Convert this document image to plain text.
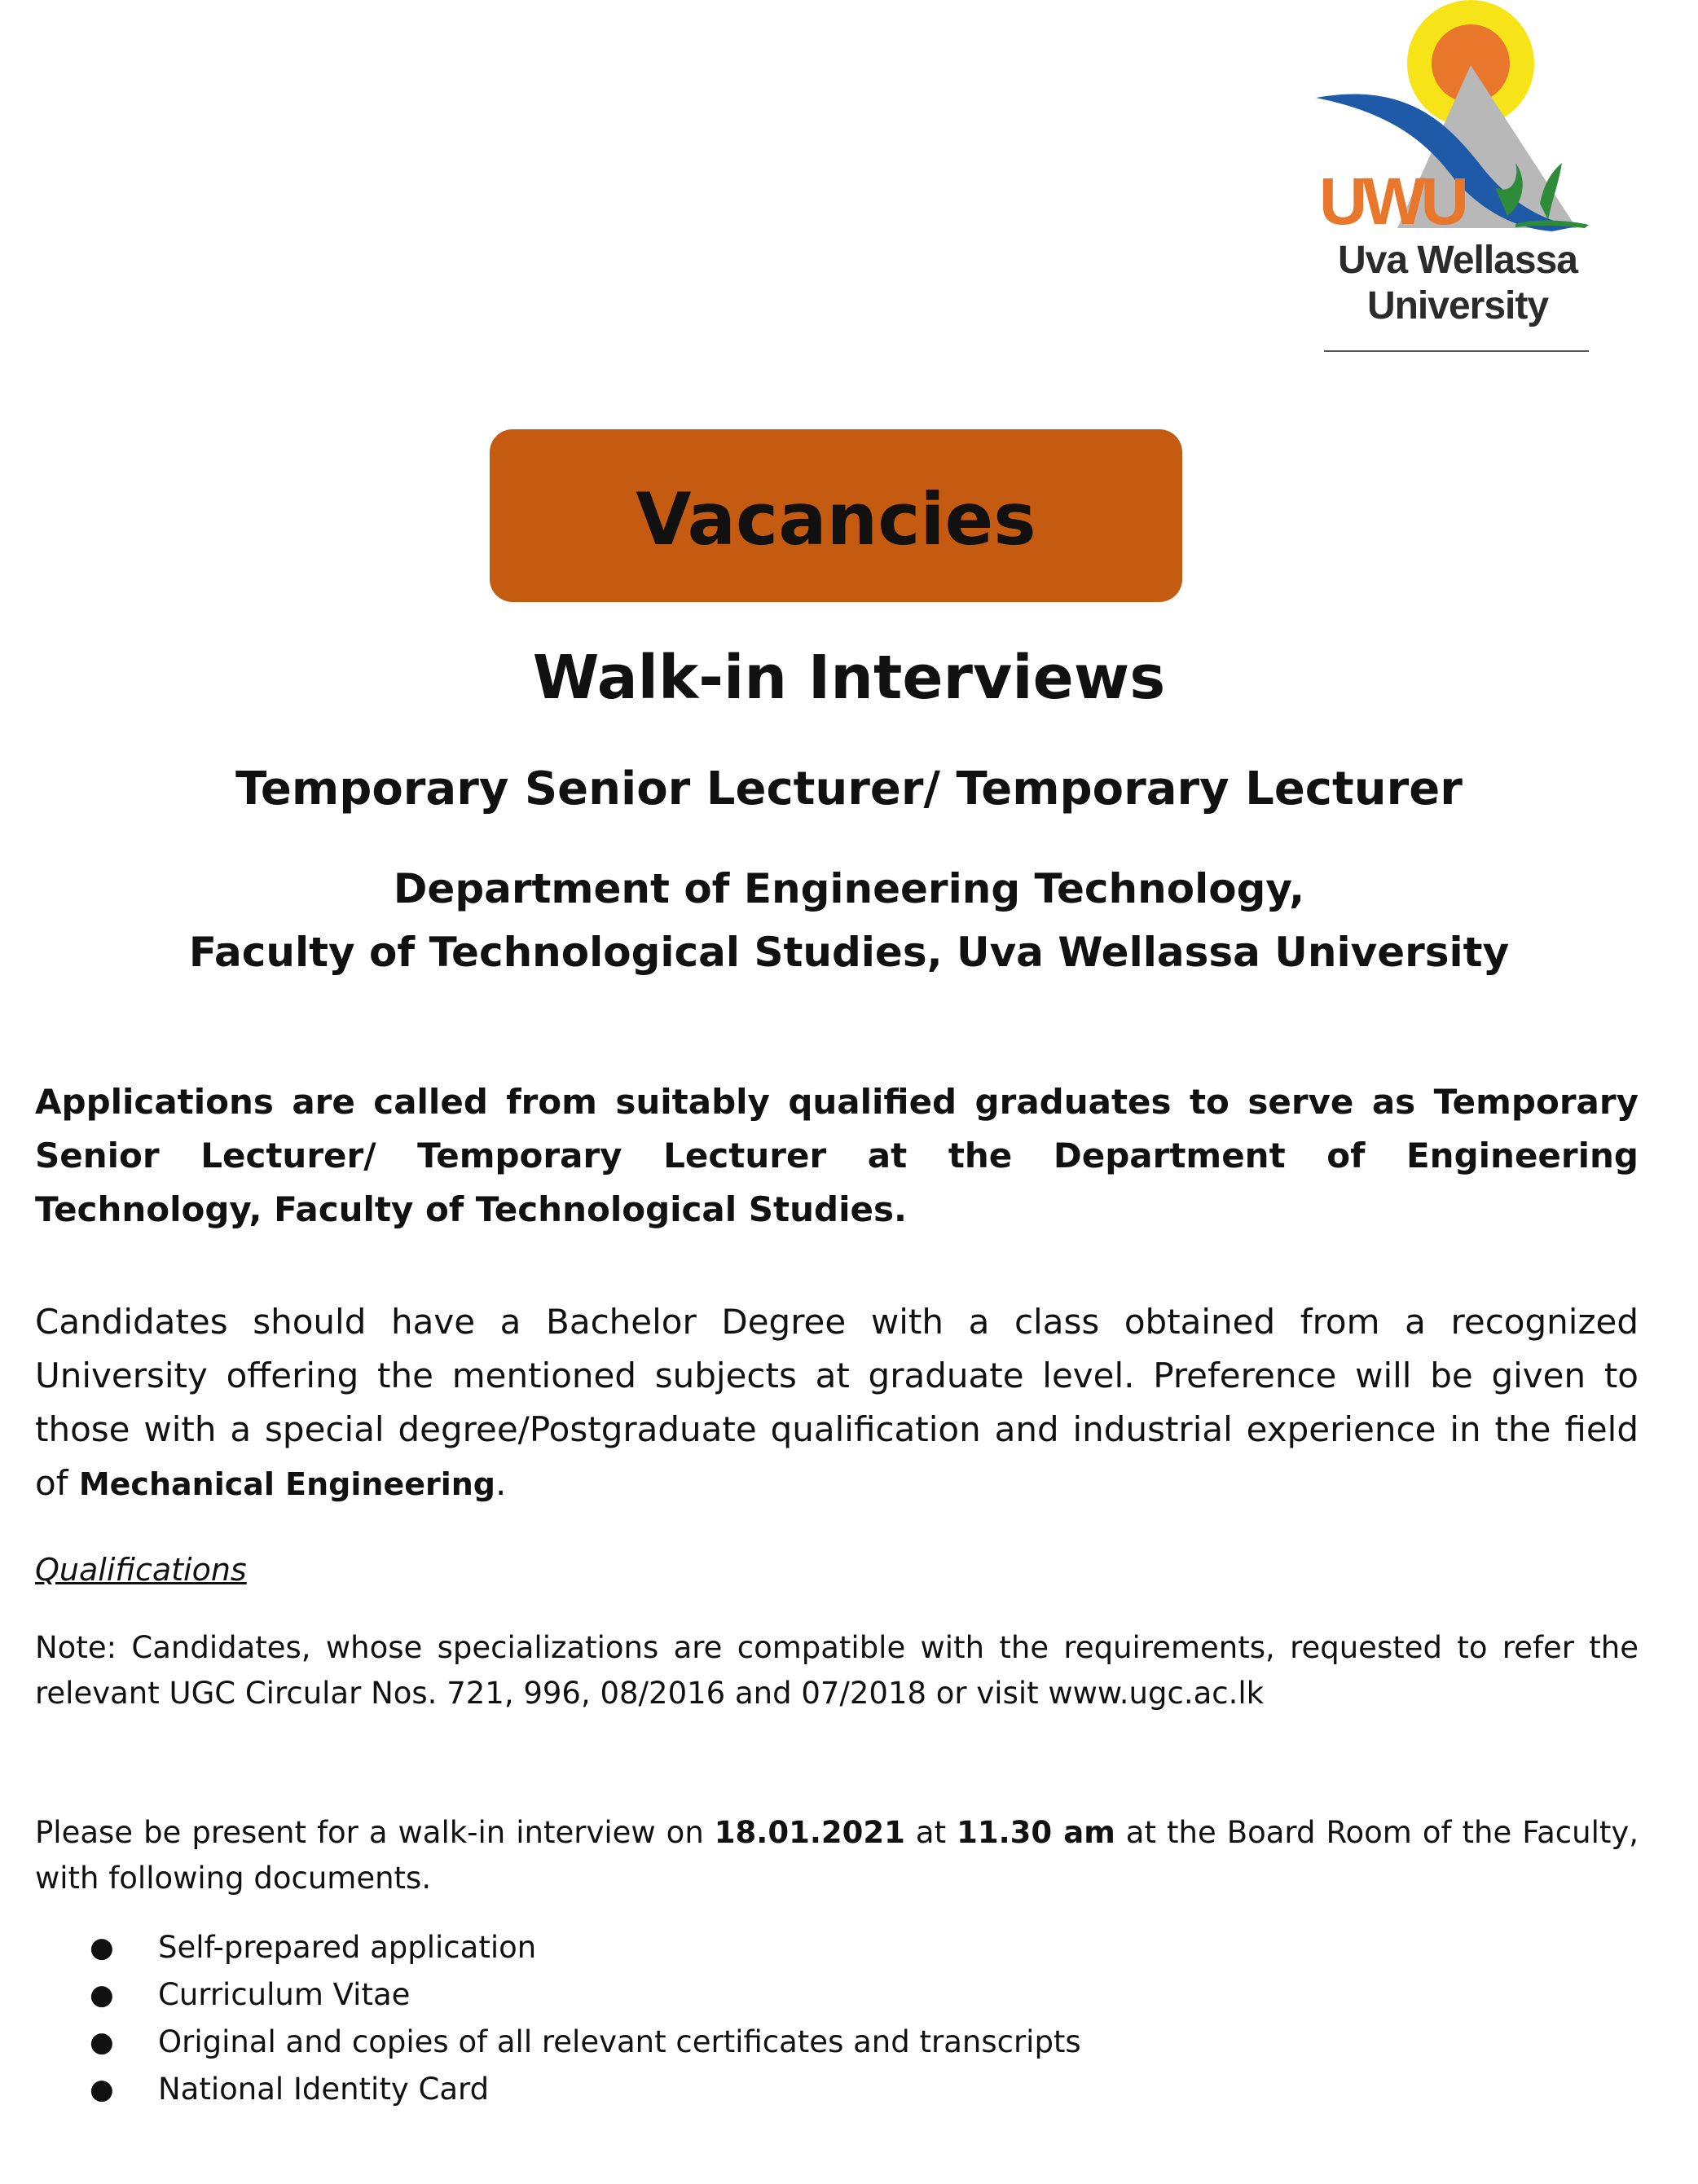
UWU
Uva Wellassa
University
Vacancies
Walk-in Interviews
Temporary Senior Lecturer/ Temporary Lecturer
Department of Engineering Technology,
Faculty of Technological Studies, Uva Wellassa University
Applications are called from suitably qualified graduates to serve as Temporary Senior Lecturer/ Temporary Lecturer at the Department of Engineering Technology, Faculty of Technological Studies.
Candidates should have a Bachelor Degree with a class obtained from a recognized University offering the mentioned subjects at graduate level. Preference will be given to those with a special degree/Postgraduate qualification and industrial experience in the field of Mechanical Engineering.
Qualifications
Note: Candidates, whose specializations are compatible with the requirements, requested to refer the relevant UGC Circular Nos. 721, 996, 08/2016 and 07/2018 or visit www.ugc.ac.lk
Please be present for a walk-in interview on 18.01.2021 at 11.30 am at the Board Room of the Faculty, with following documents.
● Self-prepared application
● Curriculum Vitae
● Original and copies of all relevant certificates and transcripts
● National Identity Card
